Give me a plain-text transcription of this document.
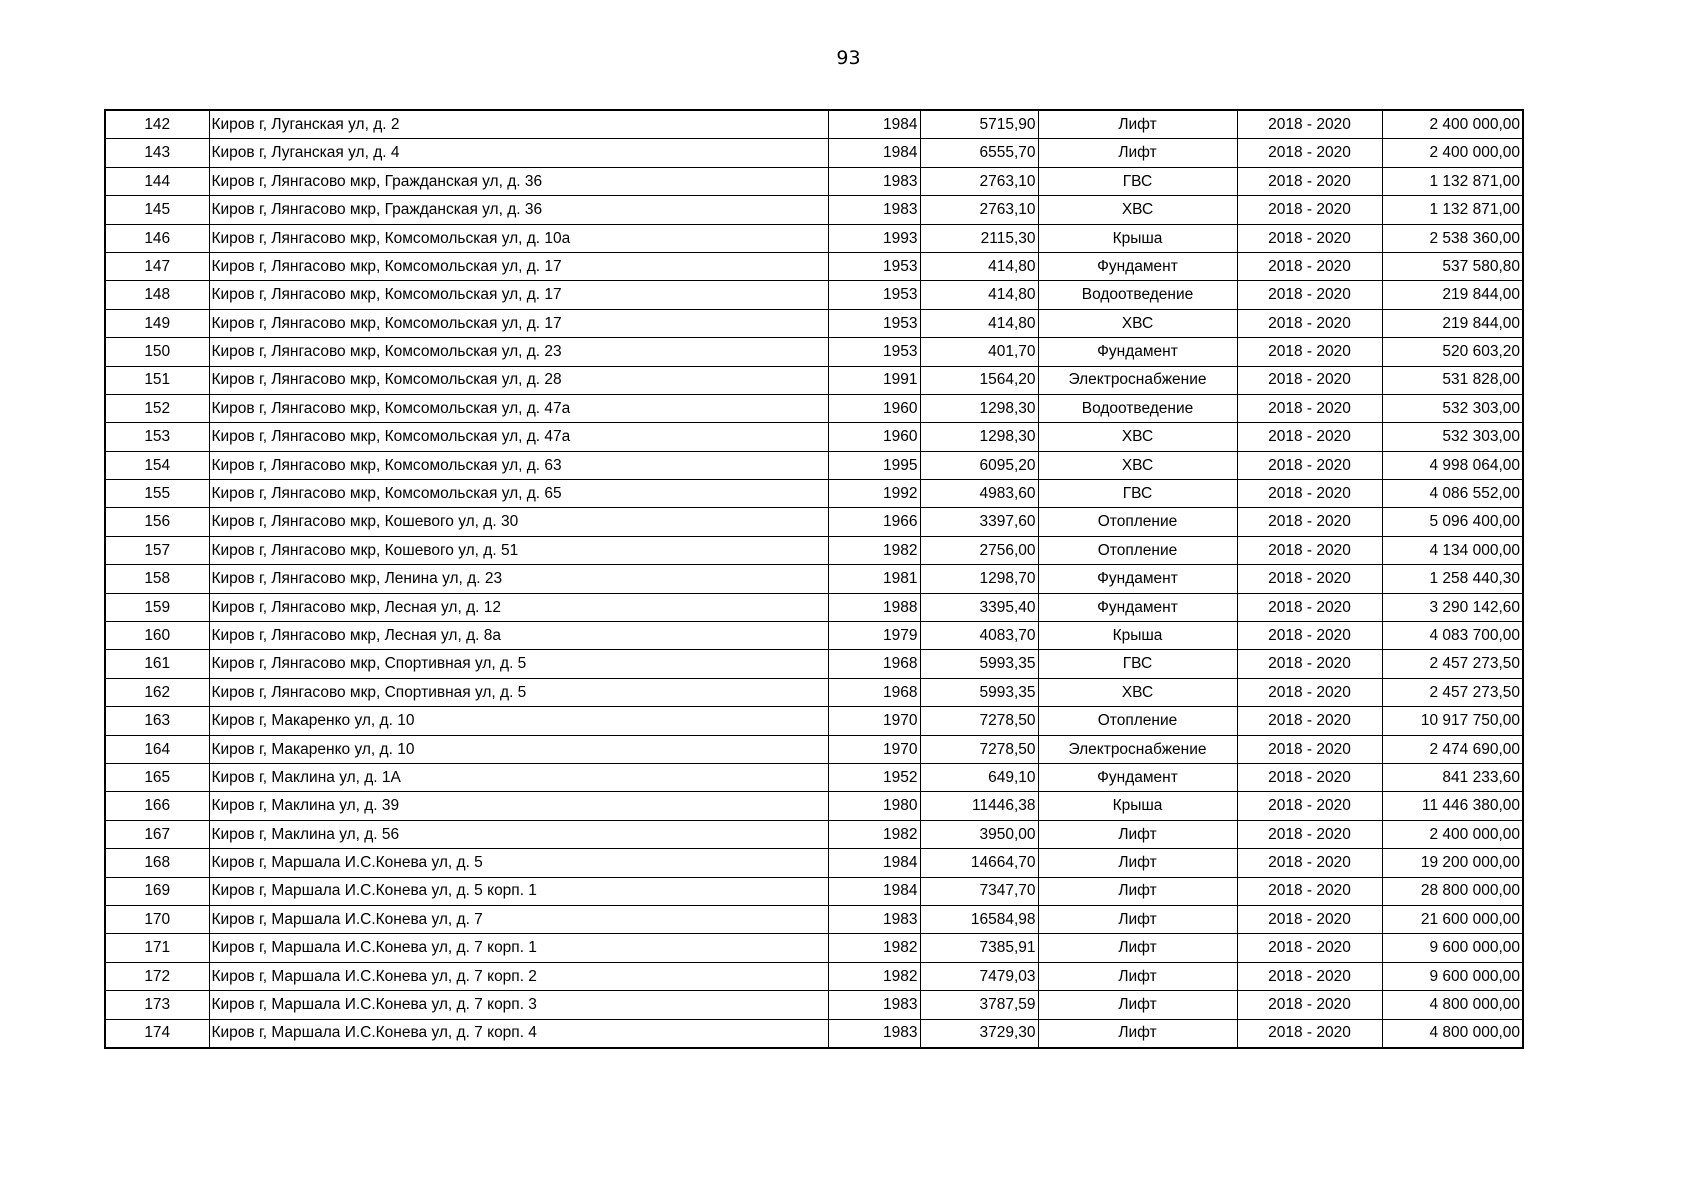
93
142	Киров г, Луганская ул, д. 2	1984	5715,90	Лифт	2018 - 2020	2 400 000,00
143	Киров г, Луганская ул, д. 4	1984	6555,70	Лифт	2018 - 2020	2 400 000,00
144	Киров г, Лянгасово мкр, Гражданская ул, д. 36	1983	2763,10	ГВС	2018 - 2020	1 132 871,00
145	Киров г, Лянгасово мкр, Гражданская ул, д. 36	1983	2763,10	ХВС	2018 - 2020	1 132 871,00
146	Киров г, Лянгасово мкр, Комсомольская ул, д. 10а	1993	2115,30	Крыша	2018 - 2020	2 538 360,00
147	Киров г, Лянгасово мкр, Комсомольская ул, д. 17	1953	414,80	Фундамент	2018 - 2020	537 580,80
148	Киров г, Лянгасово мкр, Комсомольская ул, д. 17	1953	414,80	Водоотведение	2018 - 2020	219 844,00
149	Киров г, Лянгасово мкр, Комсомольская ул, д. 17	1953	414,80	ХВС	2018 - 2020	219 844,00
150	Киров г, Лянгасово мкр, Комсомольская ул, д. 23	1953	401,70	Фундамент	2018 - 2020	520 603,20
151	Киров г, Лянгасово мкр, Комсомольская ул, д. 28	1991	1564,20	Электроснабжение	2018 - 2020	531 828,00
152	Киров г, Лянгасово мкр, Комсомольская ул, д. 47а	1960	1298,30	Водоотведение	2018 - 2020	532 303,00
153	Киров г, Лянгасово мкр, Комсомольская ул, д. 47а	1960	1298,30	ХВС	2018 - 2020	532 303,00
154	Киров г, Лянгасово мкр, Комсомольская ул, д. 63	1995	6095,20	ХВС	2018 - 2020	4 998 064,00
155	Киров г, Лянгасово мкр, Комсомольская ул, д. 65	1992	4983,60	ГВС	2018 - 2020	4 086 552,00
156	Киров г, Лянгасово мкр, Кошевого ул, д. 30	1966	3397,60	Отопление	2018 - 2020	5 096 400,00
157	Киров г, Лянгасово мкр, Кошевого ул, д. 51	1982	2756,00	Отопление	2018 - 2020	4 134 000,00
158	Киров г, Лянгасово мкр, Ленина ул, д. 23	1981	1298,70	Фундамент	2018 - 2020	1 258 440,30
159	Киров г, Лянгасово мкр, Лесная ул, д. 12	1988	3395,40	Фундамент	2018 - 2020	3 290 142,60
160	Киров г, Лянгасово мкр, Лесная ул, д. 8а	1979	4083,70	Крыша	2018 - 2020	4 083 700,00
161	Киров г, Лянгасово мкр, Спортивная ул, д. 5	1968	5993,35	ГВС	2018 - 2020	2 457 273,50
162	Киров г, Лянгасово мкр, Спортивная ул, д. 5	1968	5993,35	ХВС	2018 - 2020	2 457 273,50
163	Киров г, Макаренко ул, д. 10	1970	7278,50	Отопление	2018 - 2020	10 917 750,00
164	Киров г, Макаренко ул, д. 10	1970	7278,50	Электроснабжение	2018 - 2020	2 474 690,00
165	Киров г, Маклина ул, д. 1А	1952	649,10	Фундамент	2018 - 2020	841 233,60
166	Киров г, Маклина ул, д. 39	1980	11446,38	Крыша	2018 - 2020	11 446 380,00
167	Киров г, Маклина ул, д. 56	1982	3950,00	Лифт	2018 - 2020	2 400 000,00
168	Киров г, Маршала И.С.Конева ул, д. 5	1984	14664,70	Лифт	2018 - 2020	19 200 000,00
169	Киров г, Маршала И.С.Конева ул, д. 5 корп. 1	1984	7347,70	Лифт	2018 - 2020	28 800 000,00
170	Киров г, Маршала И.С.Конева ул, д. 7	1983	16584,98	Лифт	2018 - 2020	21 600 000,00
171	Киров г, Маршала И.С.Конева ул, д. 7 корп. 1	1982	7385,91	Лифт	2018 - 2020	9 600 000,00
172	Киров г, Маршала И.С.Конева ул, д. 7 корп. 2	1982	7479,03	Лифт	2018 - 2020	9 600 000,00
173	Киров г, Маршала И.С.Конева ул, д. 7 корп. 3	1983	3787,59	Лифт	2018 - 2020	4 800 000,00
174	Киров г, Маршала И.С.Конева ул, д. 7 корп. 4	1983	3729,30	Лифт	2018 - 2020	4 800 000,00
